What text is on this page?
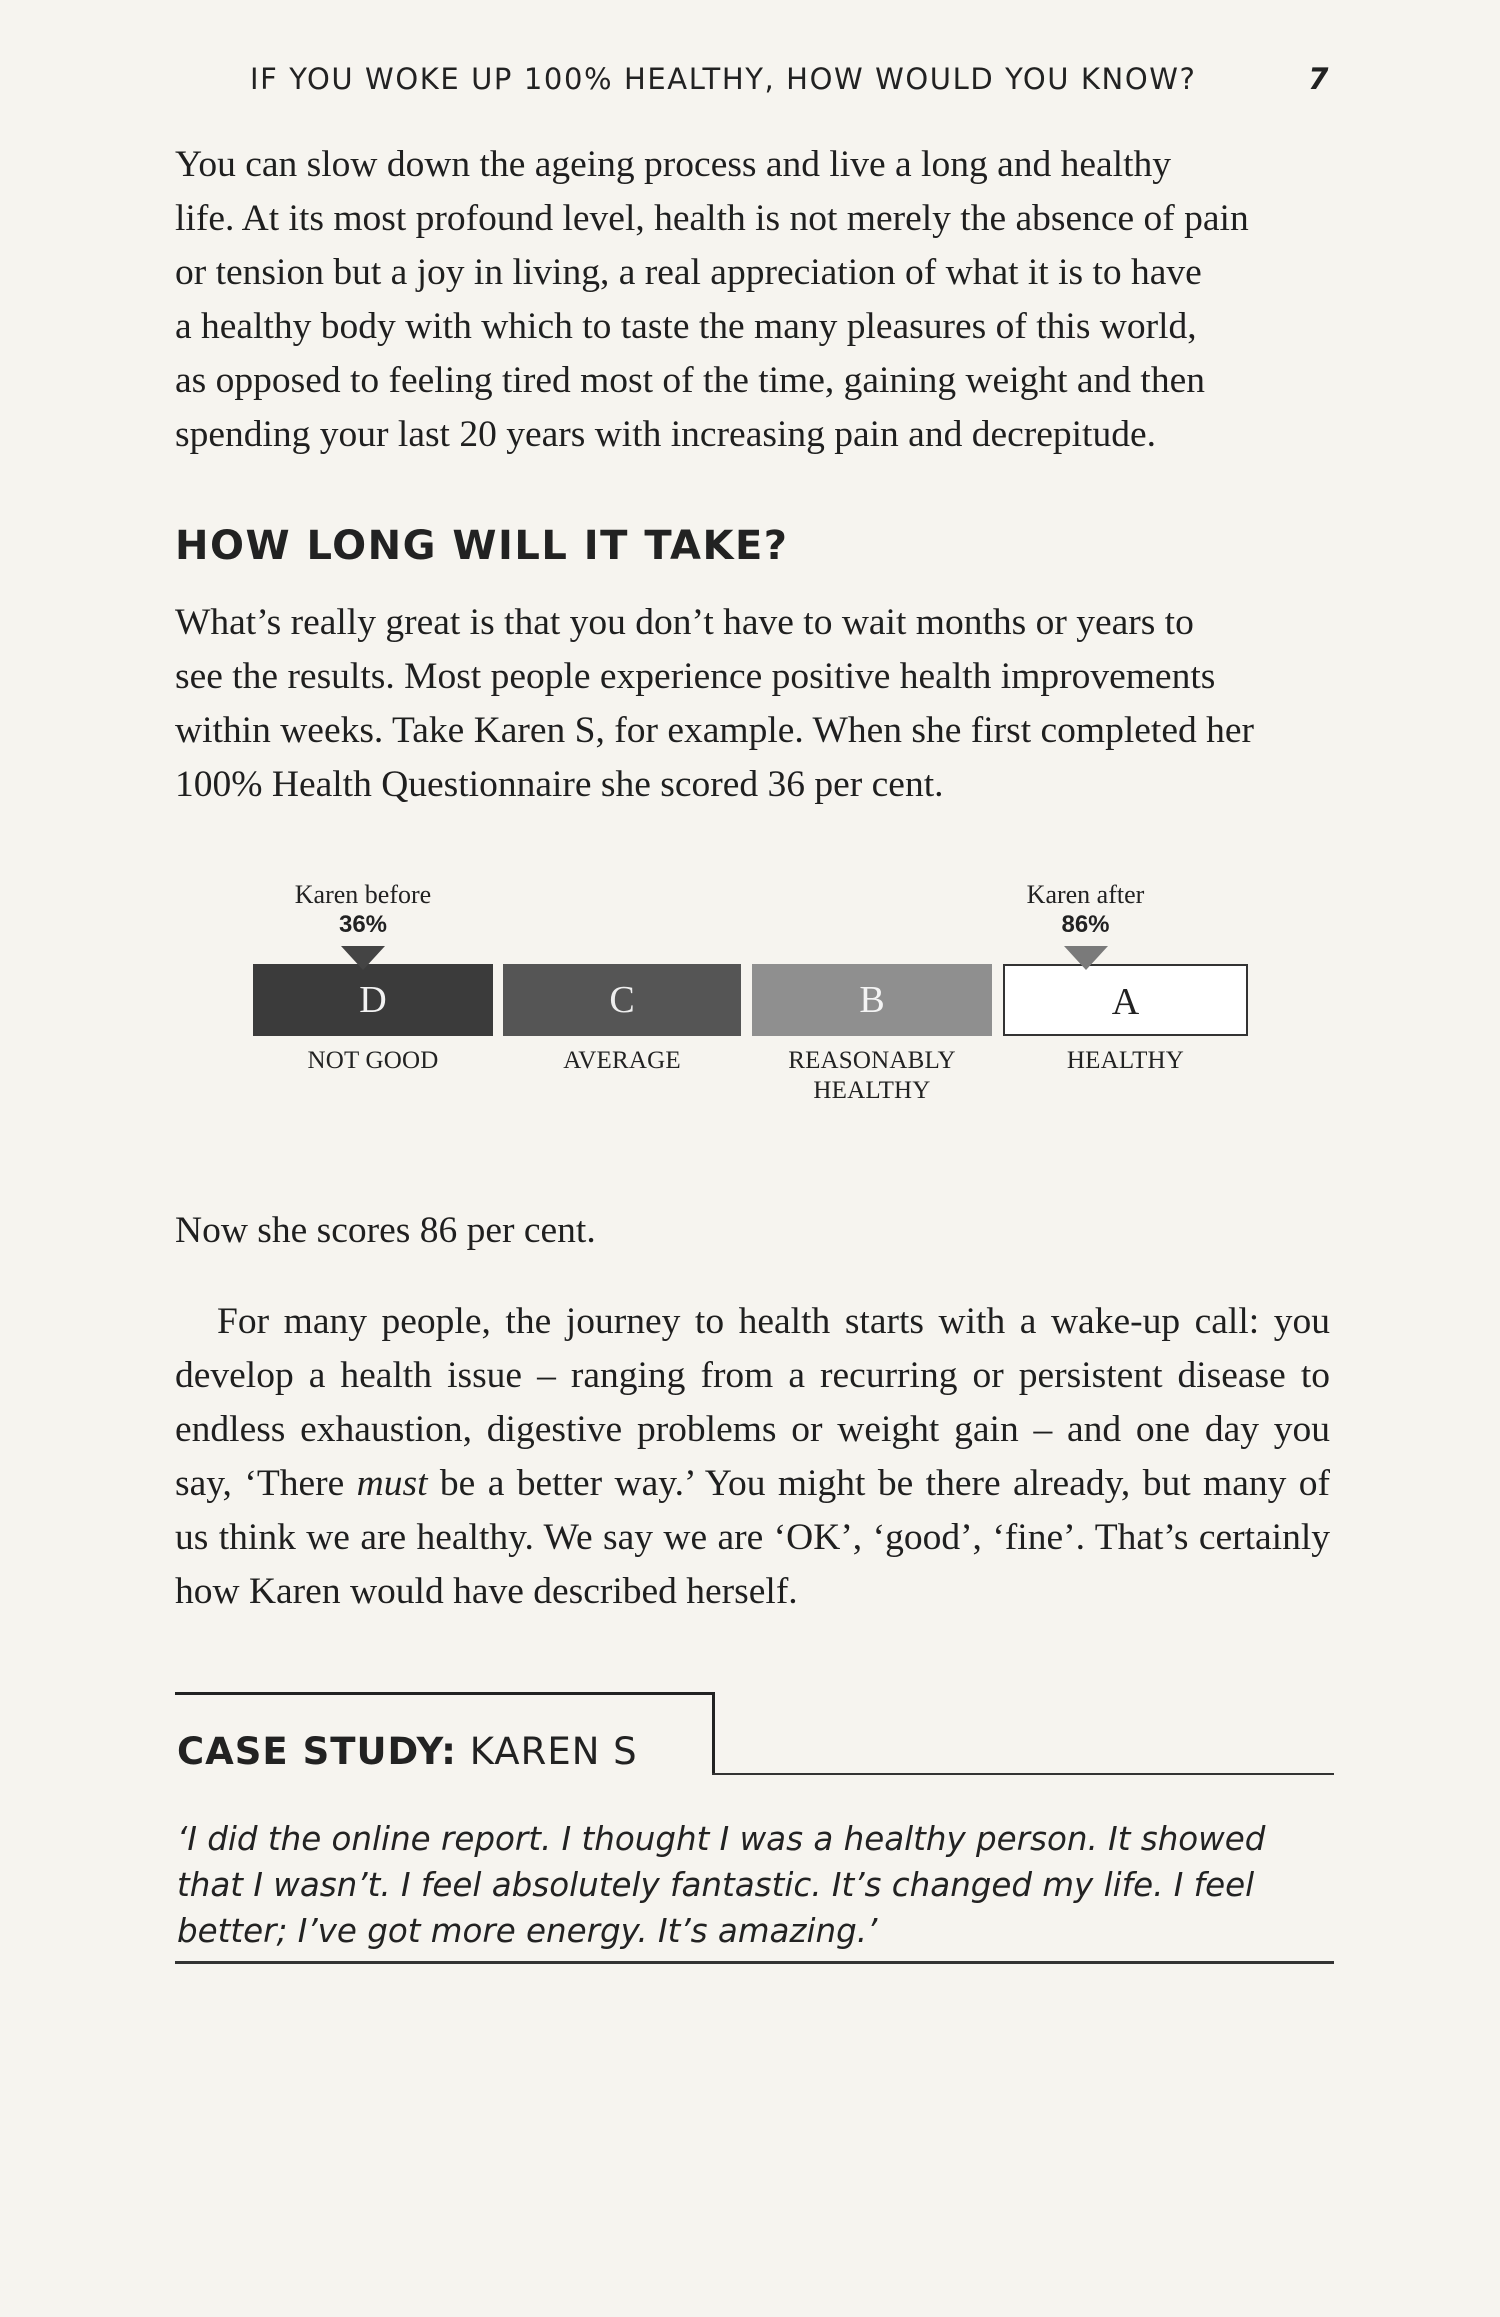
IF YOU WOKE UP 100% HEALTHY, HOW WOULD YOU KNOW?	7
You can slow down the ageing process and live a long and healthy
life. At its most profound level, health is not merely the absence of pain
or tension but a joy in living, a real appreciation of what it is to have
a healthy body with which to taste the many pleasures of this world,
as opposed to feeling tired most of the time, gaining weight and then
spending your last 20 years with increasing pain and decrepitude.
HOW LONG WILL IT TAKE?
What’s really great is that you don’t have to wait months or years to
see the results. Most people experience positive health improvements
within weeks. Take Karen S, for example. When she first completed her
100% Health Questionnaire she scored 36 per cent.
D
NOT GOOD
C
AVERAGE
B
REASONABLY
HEALTHY
A
HEALTHY
Karen before
36%
Karen after
86%

Now she scores 86 per cent.

For many people, the journey to health starts with a wake-up call: you develop a health issue – ranging from a recurring or persistent disease to endless exhaustion, digestive problems or weight gain – and one day you say, ‘There must be a better way.’ You might be there already, but many of us think we are healthy. We say we are ‘OK’, ‘good’, ‘fine’. That’s certainly how Karen would have described herself.

CASE STUDY: KAREN S

‘I did the online report. I thought I was a healthy person. It showed that I wasn’t. I feel absolutely fantastic. It’s changed my life. I feel better; I’ve got more energy. It’s amazing.’
